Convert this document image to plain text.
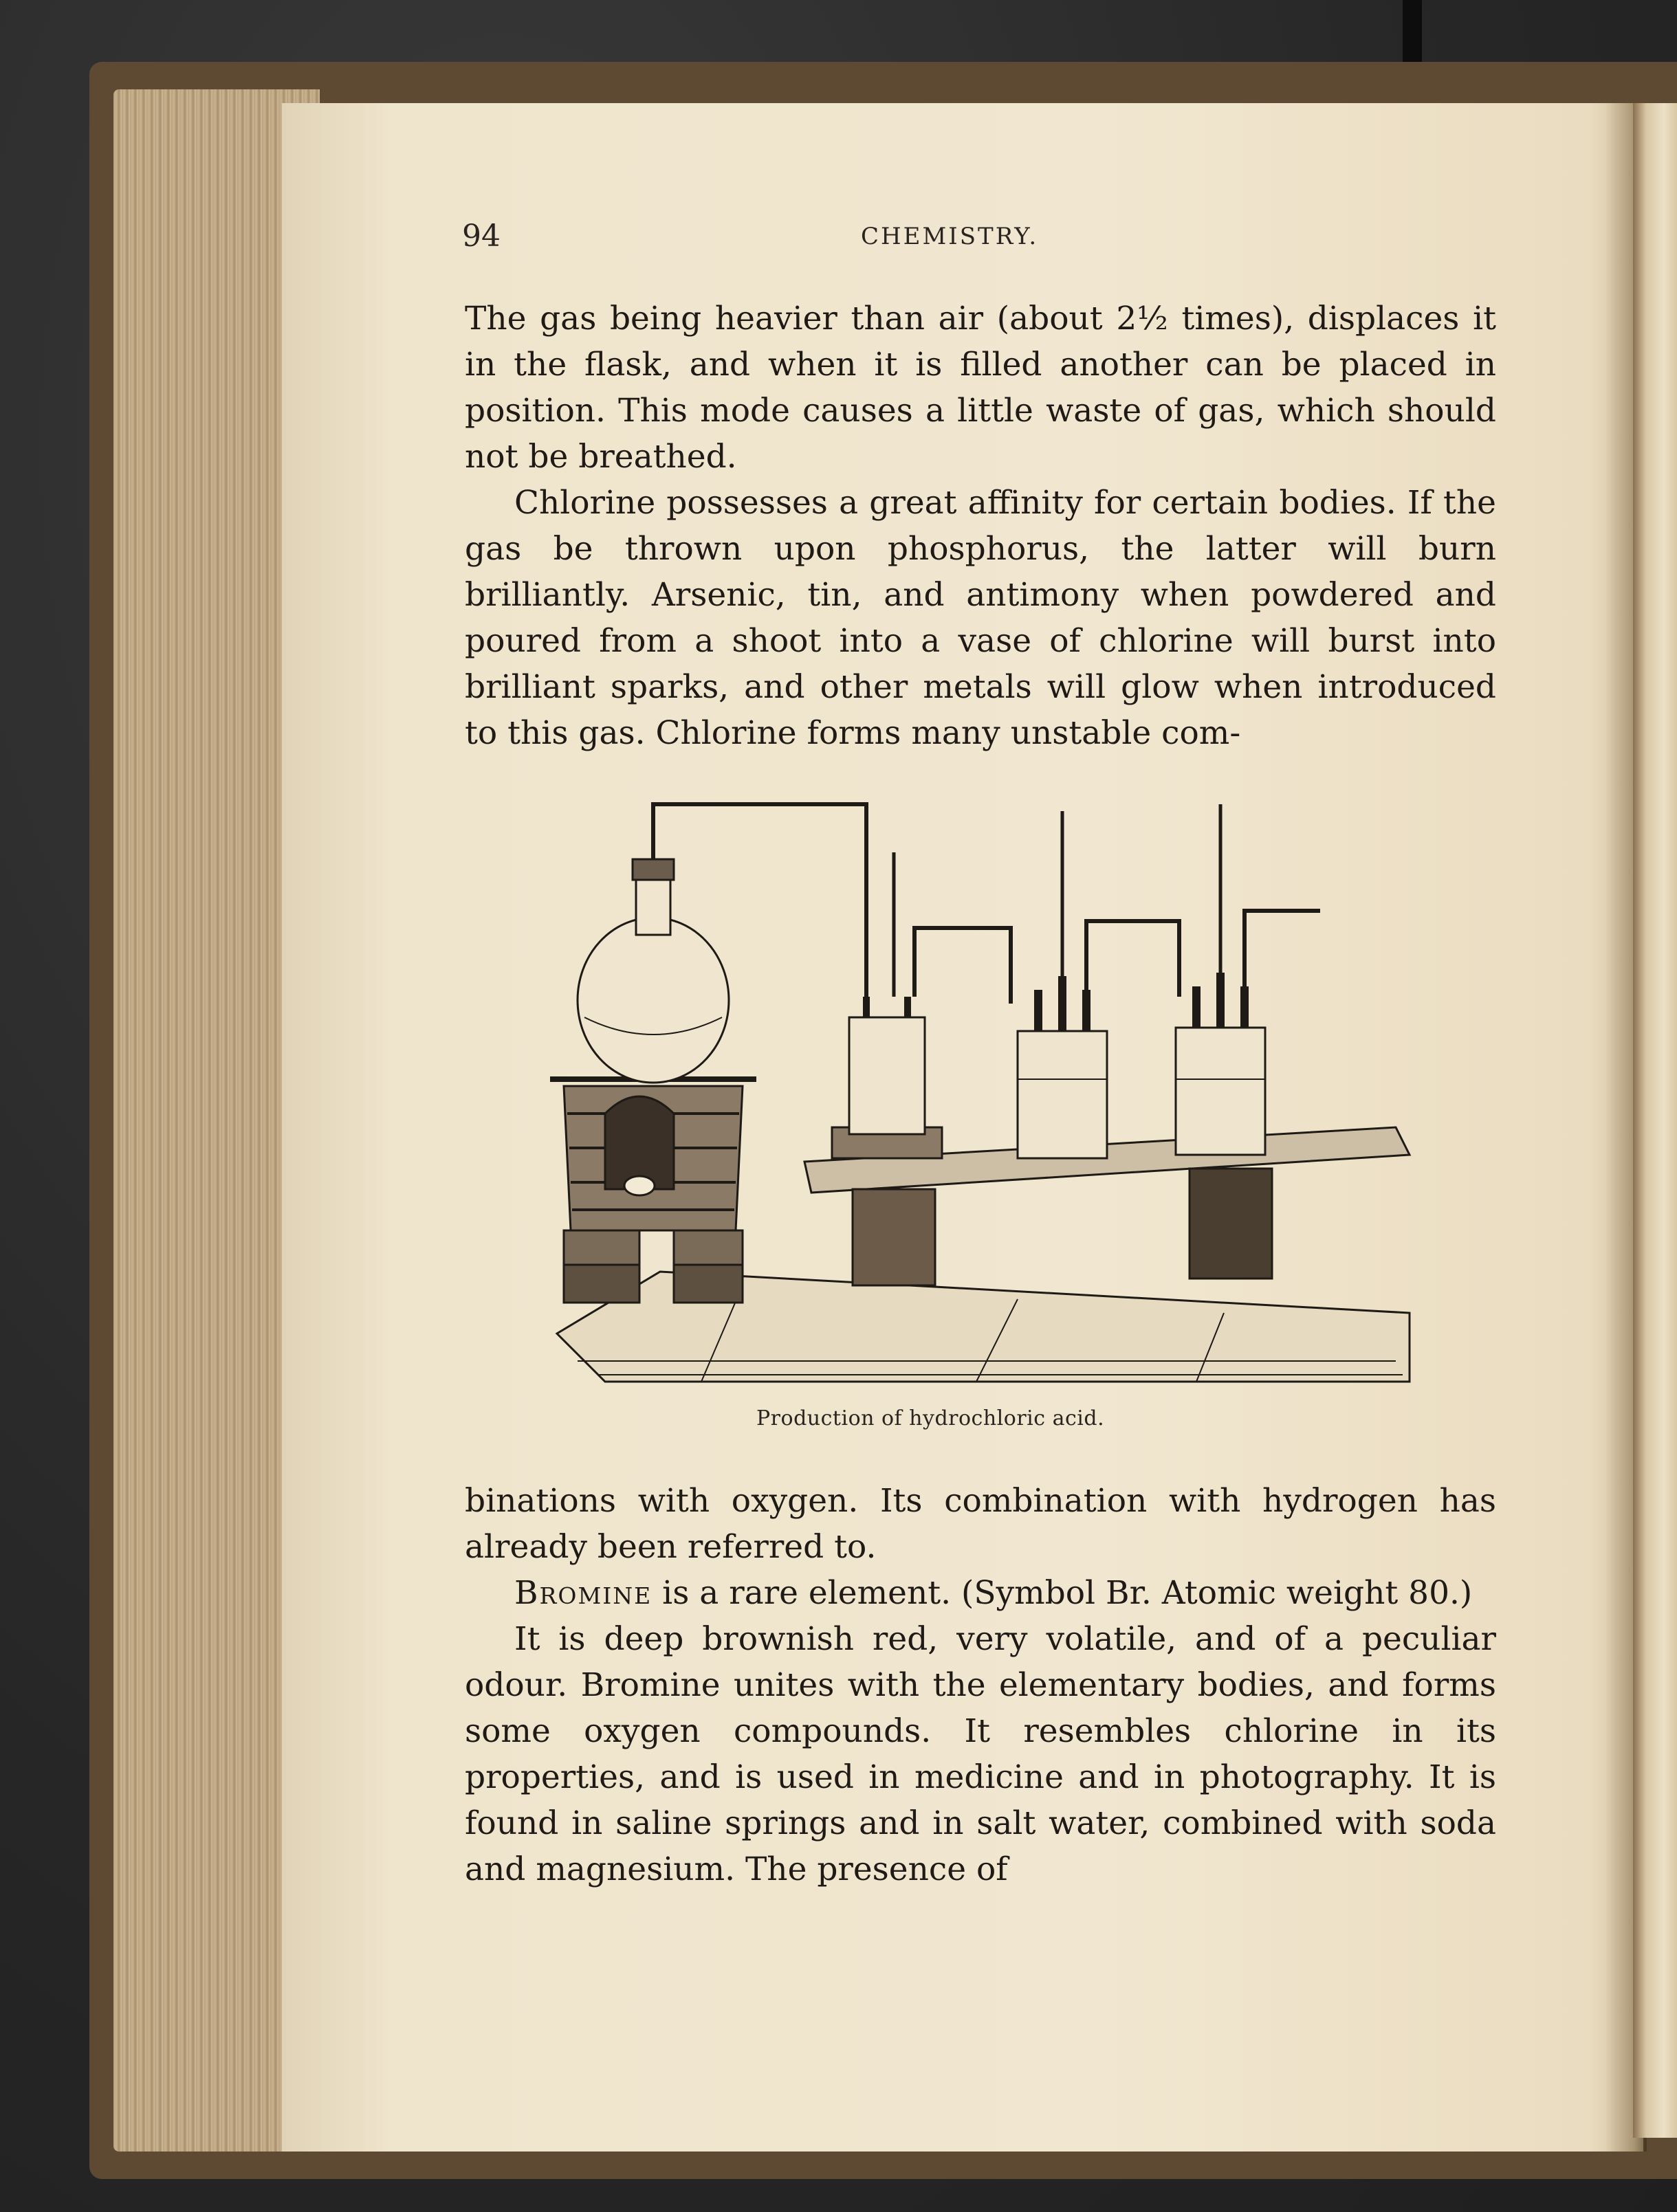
94	CHEMISTRY.

The gas being heavier than air (about 2½ times), displaces it in the flask, and when it is filled another can be placed in position. This mode causes a little waste of gas, which should not be breathed.

Chlorine possesses a great affinity for certain bodies. If the gas be thrown upon phosphorus, the latter will burn brilliantly. Arsenic, tin, and antimony when powdered and poured from a shoot into a vase of chlorine will burst into brilliant sparks, and other metals will glow when introduced to this gas. Chlorine forms many unstable com-

Production of hydrochloric acid.

binations with oxygen. Its combination with hydrogen has already been referred to.

Bromine is a rare element. (Symbol Br. Atomic weight 80.)

It is deep brownish red, very volatile, and of a peculiar odour. Bromine unites with the elementary bodies, and forms some oxygen compounds. It resembles chlorine in its properties, and is used in medicine and in photography. It is found in saline springs and in salt water, combined with soda and magnesium. The presence of
